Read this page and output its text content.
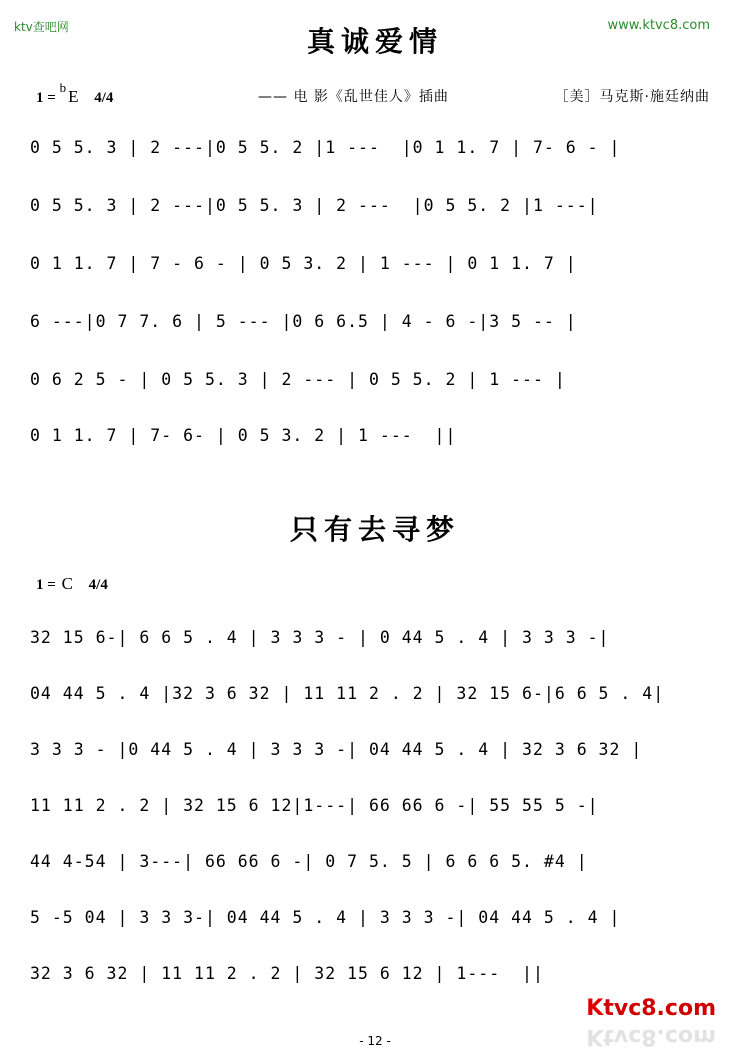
ktv查吧网	www.ktvc8.com
真诚爱情
1 = $^b$ E 4/4	—— 电 影《乱世佳人》插曲	［美］马克斯·施廷纳曲
0 5 5. 3 | 2 ---|0 5 5. 2 |1 ---  |0 1 1. 7 | 7- 6 - |
0 5 5. 3 | 2 ---|0 5 5. 3 | 2 ---  |0 5 5. 2 |1 ---|
0 1 1. 7 | 7 - 6 - | 0 5 3. 2 | 1 --- | 0 1 1. 7 |
6 ---|0 7 7. 6 | 5 --- |0 6 6.5 | 4 - 6 -|3 5 -- |
0 6 2 5 - | 0 5 5. 3 | 2 --- | 0 5 5. 2 | 1 --- |
0 1 1. 7 | 7- 6- | 0 5 3. 2 | 1 ---  ||
只有去寻梦
1 = C 4/4
32 15 6-| 6 6 5 . 4 | 3 3 3 - | 0 44 5 . 4 | 3 3 3 -|
04 44 5 . 4 |32 3 6 32 | 11 11 2 . 2 | 32 15 6-|6 6 5 . 4|
3 3 3 - |0 44 5 . 4 | 3 3 3 -| 04 44 5 . 4 | 32 3 6 32 |
11 11 2 . 2 | 32 15 6 12|1---| 66 66 6 -| 55 55 5 -|
44 4-54 | 3---| 66 66 6 -| 0 7 5. 5 | 6 6 6 5. #4 |
5 -5 04 | 3 3 3-| 04 44 5 . 4 | 3 3 3 -| 04 44 5 . 4 |
32 3 6 32 | 11 11 2 . 2 | 32 15 6 12 | 1---  ||
Ktvc8.com
Ktvc8.com
- 12 -
